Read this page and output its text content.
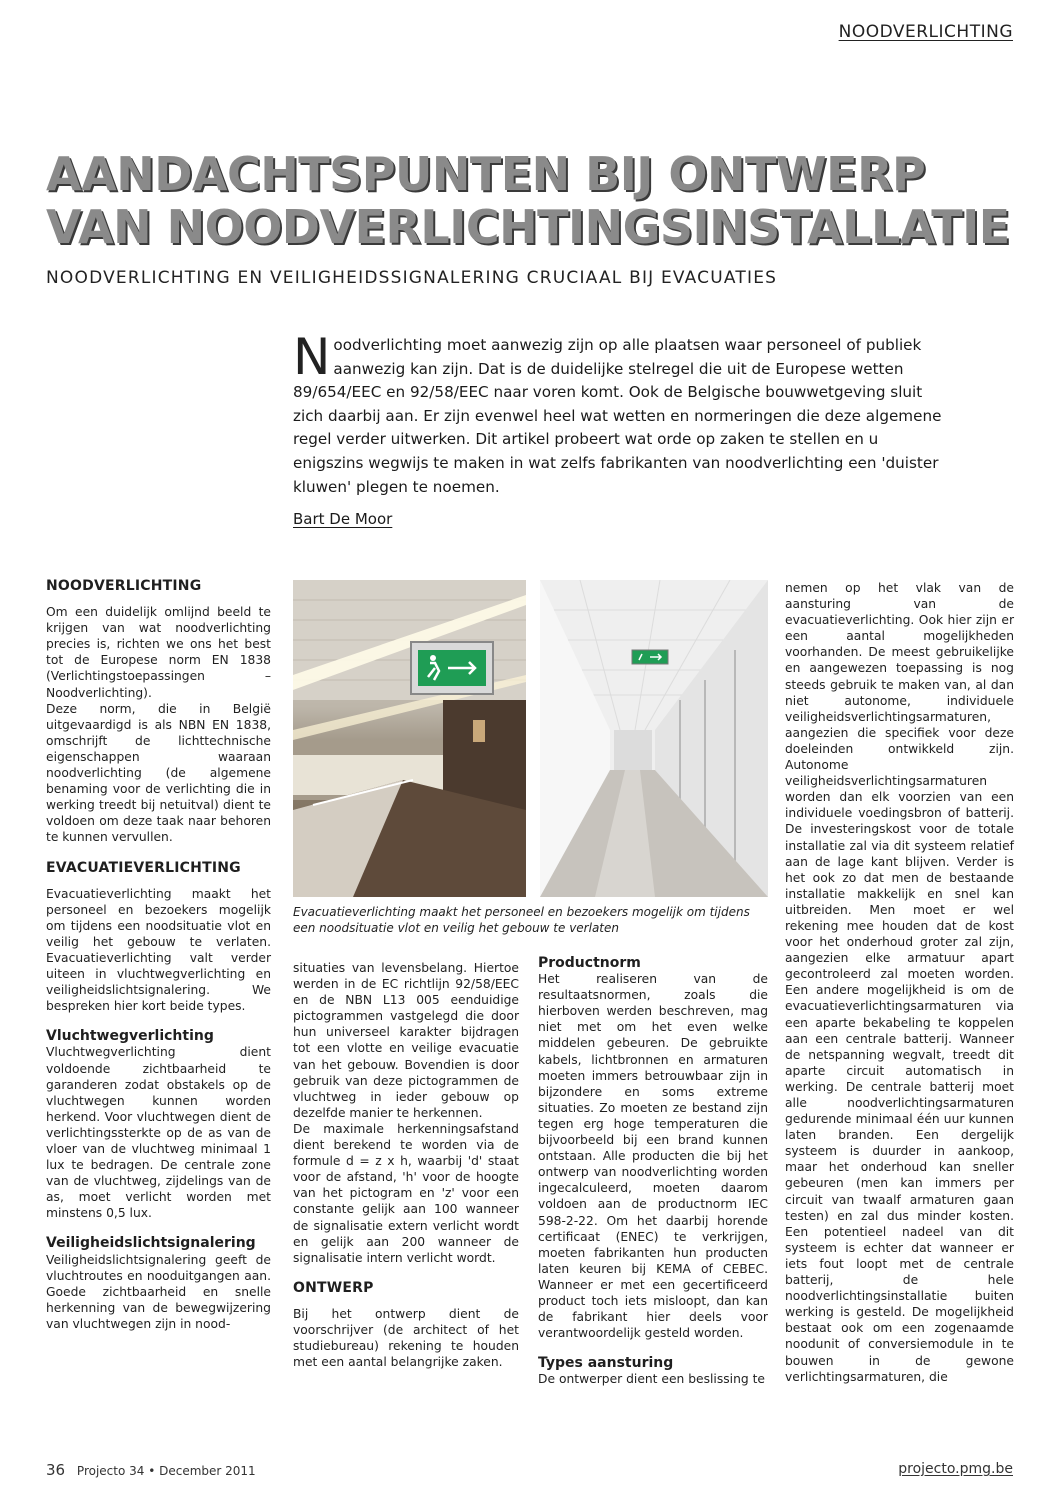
NOODVERLICHTING
AANDACHTSPUNTEN BIJ ONTWERP
VAN NOODVERLICHTINGSINSTALLATIE
NOODVERLICHTING EN VEILIGHEIDSSIGNALERING CRUCIAAL BIJ EVACUATIES

Noodverlichting moet aanwezig zijn op alle plaatsen waar personeel of publiek aanwezig kan zijn. Dat is de duidelijke stelregel die uit de Europese wetten 89/654/EEC en 92/58/EEC naar voren komt. Ook de Belgische bouwwetgeving sluit zich daarbij aan. Er zijn evenwel heel wat wetten en normeringen die deze algemene regel verder uitwerken. Dit artikel probeert wat orde op zaken te stellen en u enigszins wegwijs te maken in wat zelfs fabrikanten van noodverlichting een 'duister kluwen' plegen te noemen.

Bart De Moor
NOODVERLICHTING

Om een duidelijk omlijnd beeld te krijgen van wat noodverlichting precies is, richten we ons het best tot de Europese norm EN 1838 (Verlichtingstoepassingen – Noodverlichting).

Deze norm, die in België uitgevaardigd is als NBN EN 1838, omschrijft de lichttechnische eigenschappen waaraan noodverlichting (de algemene benaming voor de verlichting die in werking treedt bij netuitval) dient te voldoen om deze taak naar behoren te kunnen vervullen.

EVACUATIEVERLICHTING

Evacuatieverlichting maakt het personeel en bezoekers mogelijk om tijdens een noodsituatie vlot en veilig het gebouw te verlaten. Evacuatieverlichting valt verder uiteen in vluchtwegverlichting en veiligheidslichtsignalering. We bespreken hier kort beide types.

Vluchtwegverlichting

Vluchtwegverlichting dient voldoende zichtbaarheid te garanderen zodat obstakels op de vluchtwegen kunnen worden herkend. Voor vluchtwegen dient de verlichtingssterkte op de as van de vloer van de vluchtweg minimaal 1 lux te bedragen. De centrale zone van de vluchtweg, zijdelings van de as, moet verlicht worden met minstens 0,5 lux.

Veiligheidslichtsignalering

Veiligheidslichtsignalering geeft de vluchtroutes en nooduitgangen aan. Goede zichtbaarheid en snelle herkenning van de bewegwijzering van vluchtwegen zijn in nood-

Evacuatieverlichting maakt het personeel en bezoekers mogelijk om tijdens een noodsituatie vlot en veilig het gebouw te verlaten

situaties van levensbelang. Hiertoe werden in de EC richtlijn 92/58/EEC en de NBN L13 005 eenduidige pictogrammen vastgelegd die door hun universeel karakter bijdragen tot een vlotte en veilige evacuatie van het gebouw. Bovendien is door gebruik van deze pictogrammen de vluchtweg in ieder gebouw op dezelfde manier te herkennen.

De maximale herkenningsafstand dient berekend te worden via de formule d = z x h, waarbij 'd' staat voor de afstand, 'h' voor de hoogte van het pictogram en 'z' voor een constante gelijk aan 100 wanneer de signalisatie extern verlicht wordt en gelijk aan 200 wanneer de signalisatie intern verlicht wordt.

ONTWERP

Bij het ontwerp dient de voorschrijver (de architect of het studiebureau) rekening te houden met een aantal belangrijke zaken.

Productnorm

Het realiseren van de resultaatsnormen, zoals die hierboven werden beschreven, mag niet met om het even welke middelen gebeuren. De gebruikte kabels, lichtbronnen en armaturen moeten immers betrouwbaar zijn in bijzondere en soms extreme situaties. Zo moeten ze bestand zijn tegen erg hoge temperaturen die bijvoorbeeld bij een brand kunnen ontstaan. Alle producten die bij het ontwerp van noodverlichting worden ingecalculeerd, moeten daarom voldoen aan de productnorm IEC 598-2-22. Om het daarbij horende certificaat (ENEC) te verkrijgen, moeten fabrikanten hun producten laten keuren bij KEMA of CEBEC. Wanneer er met een gecertificeerd product toch iets misloopt, dan kan de fabrikant hier deels voor verantwoordelijk gesteld worden.

Types aansturing

De ontwerper dient een beslissing te

nemen op het vlak van de aansturing van de evacuatieverlichting. Ook hier zijn er een aantal mogelijkheden voorhanden. De meest gebruikelijke en aangewezen toepassing is nog steeds gebruik te maken van, al dan niet autonome, individuele veiligheidsverlichtingsarmaturen, aangezien die specifiek voor deze doeleinden ontwikkeld zijn. Autonome veiligheidsverlichtingsarmaturen worden dan elk voorzien van een individuele voedingsbron of batterij. De investeringskost voor de totale installatie zal via dit systeem relatief aan de lage kant blijven. Verder is het ook zo dat men de bestaande installatie makkelijk en snel kan uitbreiden. Men moet er wel rekening mee houden dat de kost voor het onderhoud groter zal zijn, aangezien elke armatuur apart gecontroleerd zal moeten worden. Een andere mogelijkheid is om de evacuatieverlichtingsarmaturen via een aparte bekabeling te koppelen aan een centrale batterij. Wanneer de netspanning wegvalt, treedt dit aparte circuit automatisch in werking. De centrale batterij moet alle noodverlichtingsarmaturen gedurende minimaal één uur kunnen laten branden. Een dergelijk systeem is duurder in aankoop, maar het onderhoud kan sneller gebeuren (men kan immers per circuit van twaalf armaturen gaan testen) en zal dus minder kosten. Een potentieel nadeel van dit systeem is echter dat wanneer er iets fout loopt met de centrale batterij, de hele noodverlichtingsinstallatie buiten werking is gesteld. De mogelijkheid bestaat ook om een zogenaamde noodunit of conversiemodule in te bouwen in de gewone verlichtingsarmaturen, die

36 Projecto 34 • December 2011	projecto.pmg.be
